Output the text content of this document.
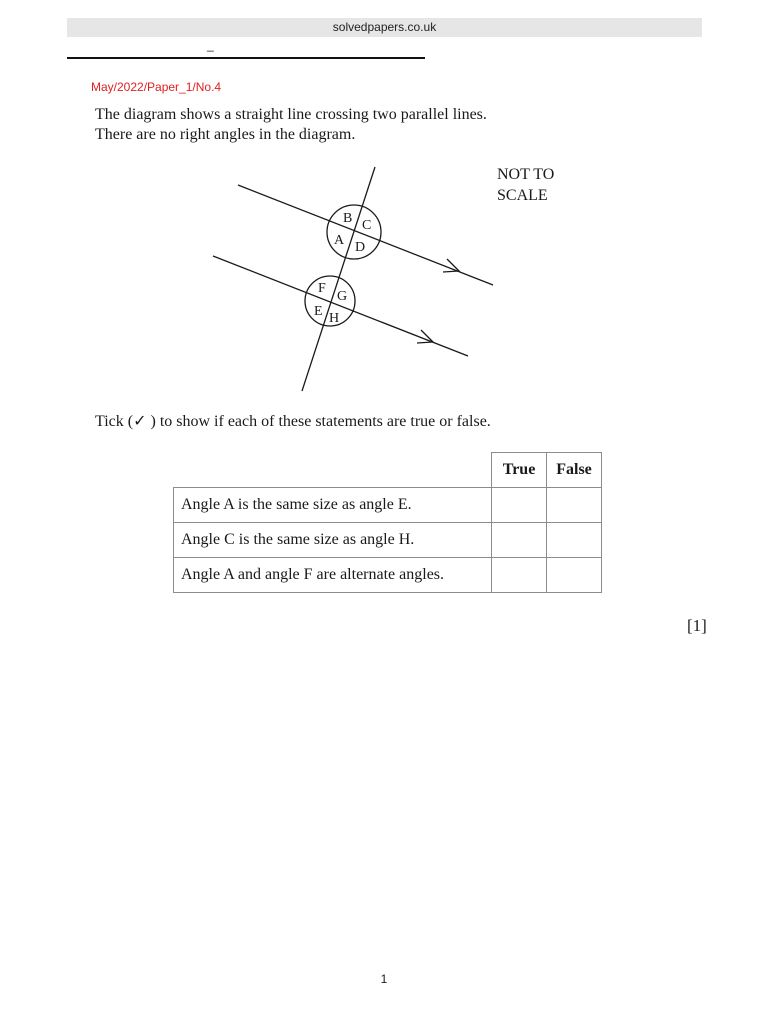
solvedpapers.co.uk
_
May/2022/Paper_1/No.4
The diagram shows a straight line crossing two parallel lines.
There are no right angles in the diagram.
B C
A D
F
G
E H
NOT TO
SCALE
Tick (✓ ) to show if each of these statements are true or false.
	True	False
Angle A is the same size as angle E.		
Angle C is the same size as angle H.		
Angle A and angle F are alternate angles.		
[1]
1
